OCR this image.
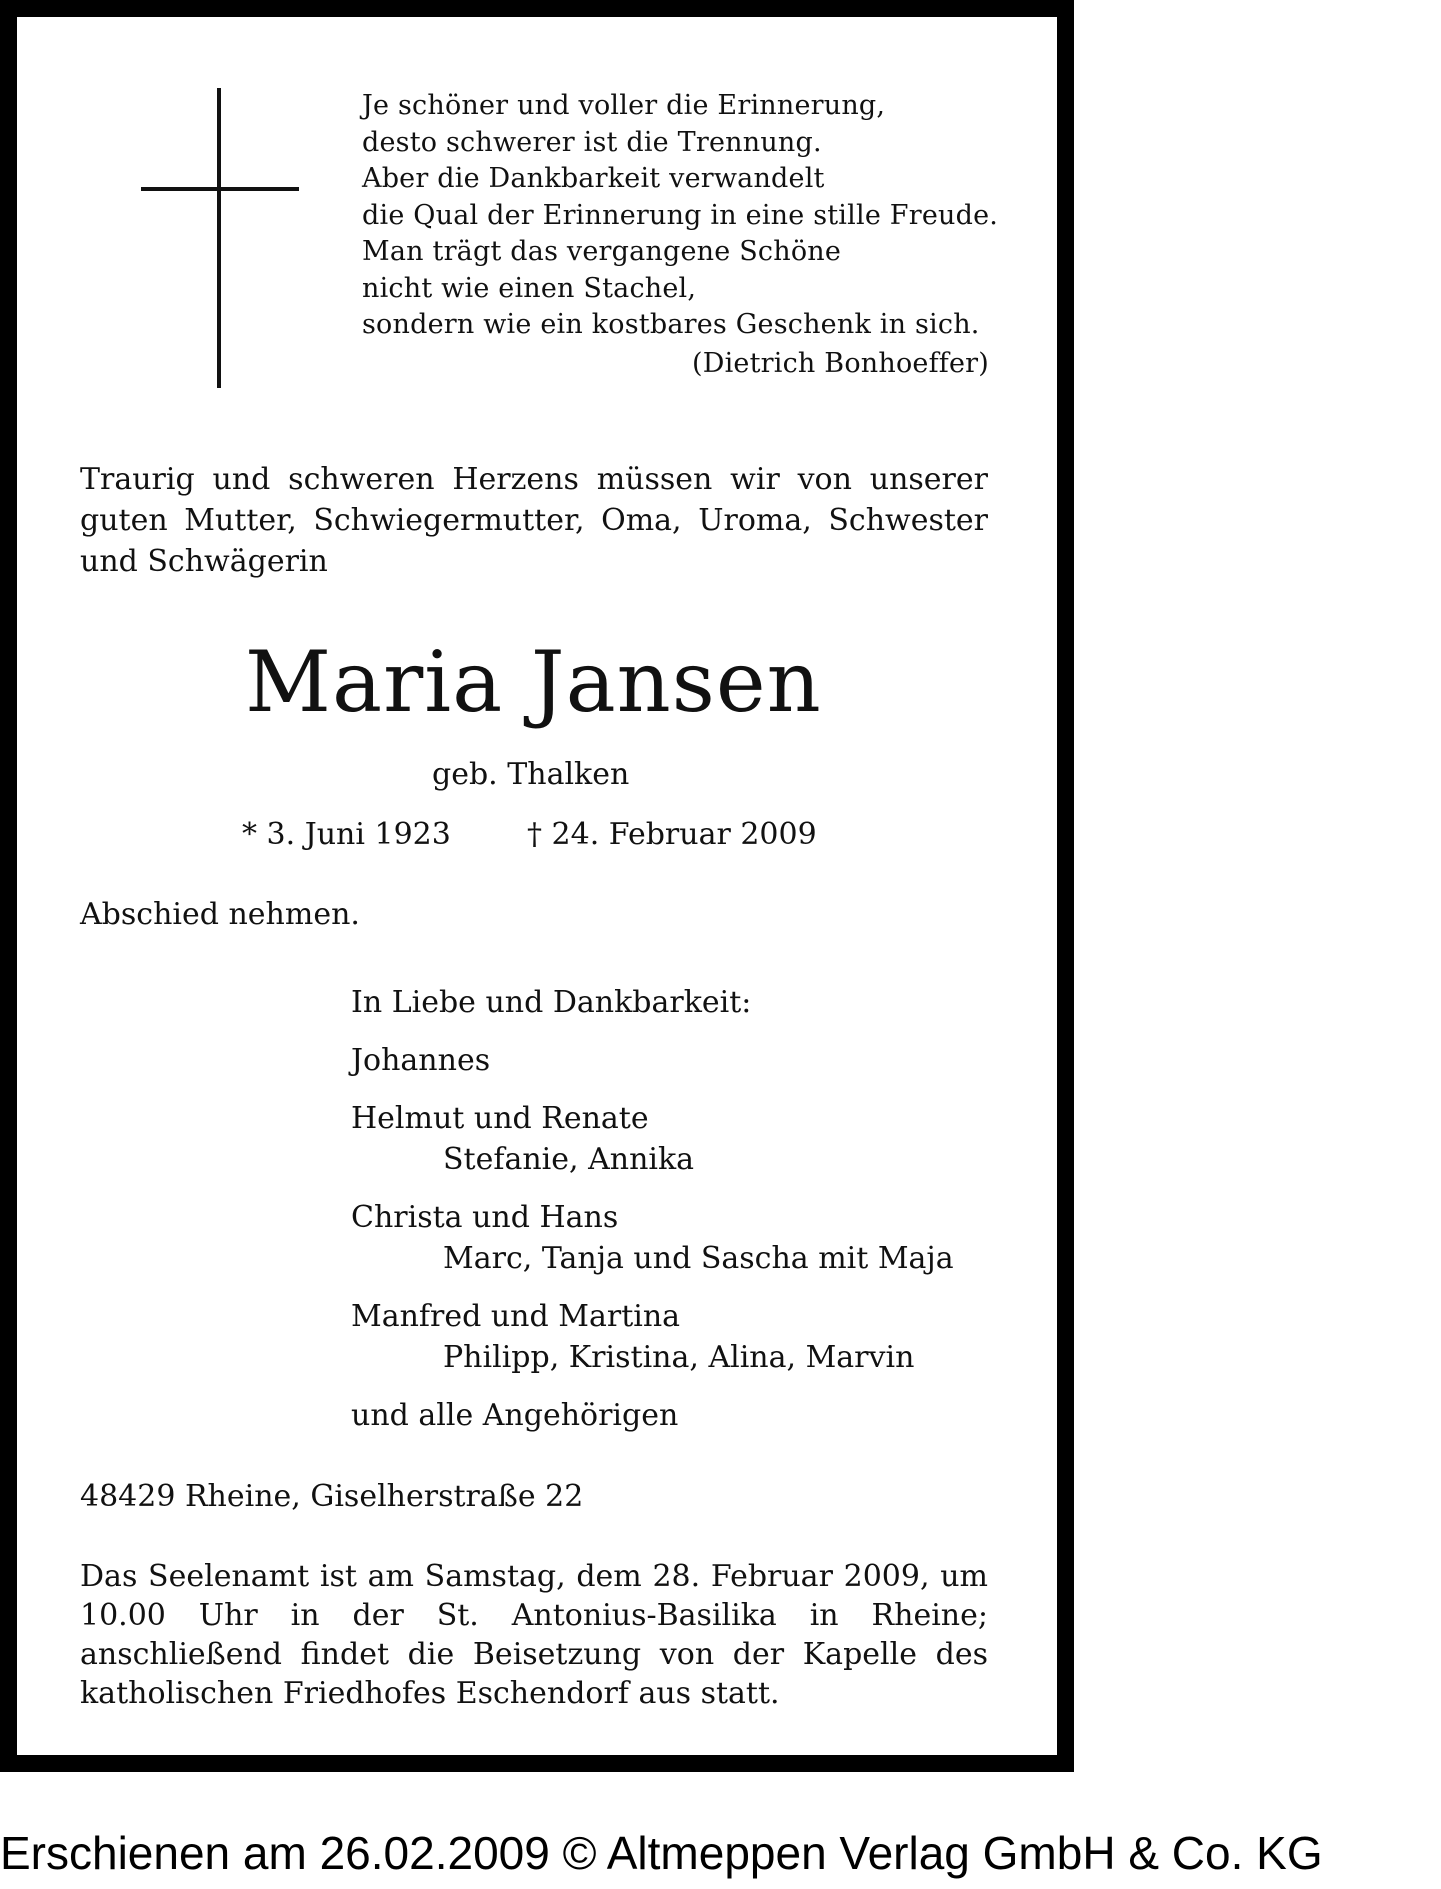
Je schöner und voller die Erinnerung,
desto schwerer ist die Trennung.
Aber die Dankbarkeit verwandelt
die Qual der Erinnerung in eine stille Freude.
Man trägt das vergangene Schöne
nicht wie einen Stachel,
sondern wie ein kostbares Geschenk in sich.
(Dietrich Bonhoeffer)
Traurig und schweren Herzens müssen wir von unserer
guten Mutter, Schwiegermutter, Oma, Uroma, Schwester
und Schwägerin
Maria Jansen
geb. Thalken
* 3. Juni 1923	† 24. Februar 2009
Abschied nehmen.
In Liebe und Dankbarkeit:
Johannes
Helmut und Renate
Stefanie, Annika
Christa und Hans
Marc, Tanja und Sascha mit Maja
Manfred und Martina
Philipp, Kristina, Alina, Marvin
und alle Angehörigen
48429 Rheine, Giselherstraße 22
Das Seelenamt ist am Samstag, dem 28. Februar 2009, um
10.00 Uhr in der St. Antonius-Basilika in Rheine;
anschließend findet die Beisetzung von der Kapelle des
katholischen Friedhofes Eschendorf aus statt.
Erschienen am 26.02.2009 © Altmeppen Verlag GmbH & Co. KG
